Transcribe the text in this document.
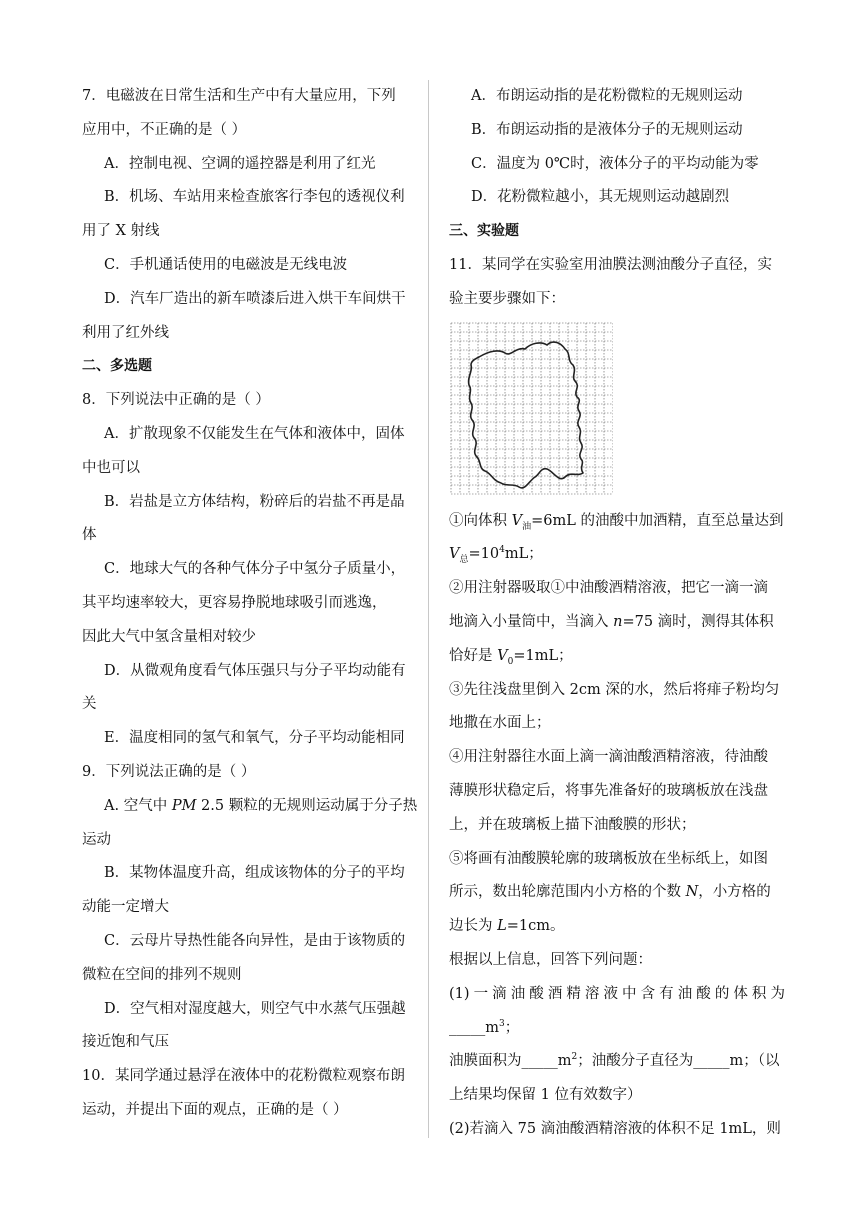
7．电磁波在日常生活和生产中有大量应用，下列

应用中，不正确的是（ ）

A．控制电视、空调的遥控器是利用了红光

B．机场、车站用来检查旅客行李包的透视仪利

用了 X 射线

C．手机通话使用的电磁波是无线电波

D．汽车厂造出的新车喷漆后进入烘干车间烘干

利用了红外线

二、多选题

8．下列说法中正确的是（ ）

A．扩散现象不仅能发生在气体和液体中，固体

中也可以

B．岩盐是立方体结构，粉碎后的岩盐不再是晶

体

C．地球大气的各种气体分子中氢分子质量小，

其平均速率较大，更容易挣脱地球吸引而逃逸，

因此大气中氢含量相对较少

D．从微观角度看气体压强只与分子平均动能有

关

E．温度相同的氢气和氧气，分子平均动能相同

9．下列说法正确的是（ ）

A. 空气中 PM 2.5 颗粒的无规则运动属于分子热

运动

B．某物体温度升高，组成该物体的分子的平均

动能一定增大

C．云母片导热性能各向异性，是由于该物质的

微粒在空间的排列不规则

D．空气相对湿度越大，则空气中水蒸气压强越

接近饱和气压

10．某同学通过悬浮在液体中的花粉微粒观察布朗

运动，并提出下面的观点，正确的是（ ）

A．布朗运动指的是花粉微粒的无规则运动

B．布朗运动指的是液体分子的无规则运动

C．温度为 0℃时，液体分子的平均动能为零

D．花粉微粒越小，其无规则运动越剧烈

三、实验题

11．某同学在实验室用油膜法测油酸分子直径，实

验主要步骤如下：

①向体积 $V_油=6mL$ 的油酸中加酒精，直至总量达到

$V_总=10^4mL$；

②用注射器吸取①中油酸酒精溶液，把它一滴一滴

地滴入小量筒中，当滴入 n=75 滴时，测得其体积

恰好是 $V_0=1mL$；

③先往浅盘里倒入 2cm 深的水，然后将痱子粉均匀

地撒在水面上；

④用注射器往水面上滴一滴油酸酒精溶液，待油酸

薄膜形状稳定后，将事先准备好的玻璃板放在浅盘

上，并在玻璃板上描下油酸膜的形状；

⑤将画有油酸膜轮廓的玻璃板放在坐标纸上，如图

所示，数出轮廓范围内小方格的个数 N，小方格的

边长为 L=1cm。

根据以上信息，回答下列问题：

(1)一滴油酸酒精溶液中含有油酸的体积为$\_\_\_\_\_m^3$；

油膜面积为$\_\_\_\_\_m^2$；油酸分子直径为_____m；（以

上结果均保留 1 位有效数字）

(2)若滴入 75 滴油酸酒精溶液的体积不足 1mL，则
